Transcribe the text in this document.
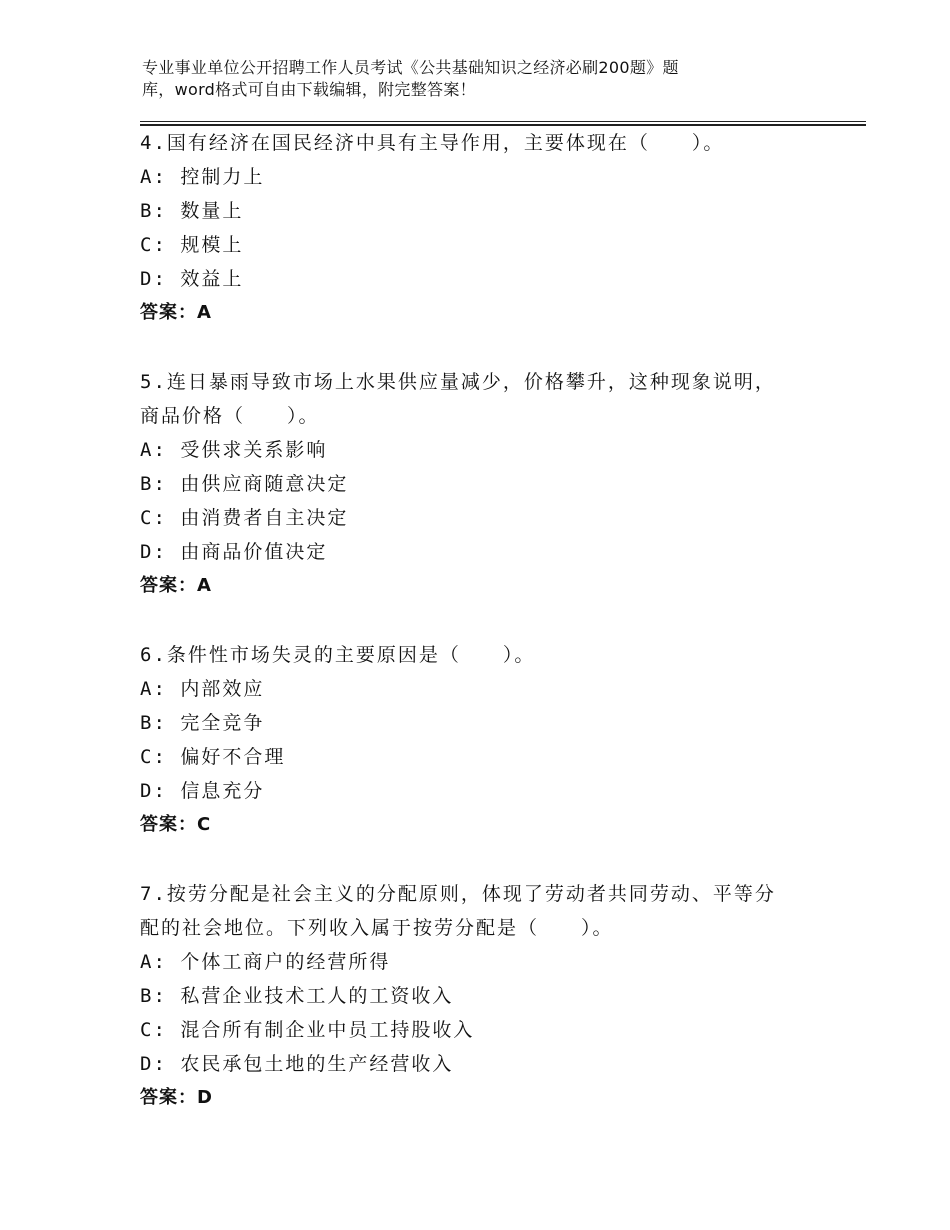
专业事业单位公开招聘工作人员考试《公共基础知识之经济必刷200题》题
库，word格式可自由下载编辑，附完整答案！

4.国有经济在国民经济中具有主导作用，主要体现在（　　）。

A: 控制力上

B: 数量上

C: 规模上

D: 效益上

答案：A

5.连日暴雨导致市场上水果供应量减少，价格攀升，这种现象说明，

商品价格（　　）。

A: 受供求关系影响

B: 由供应商随意决定

C: 由消费者自主决定

D: 由商品价值决定

答案：A

6.条件性市场失灵的主要原因是（　　）。

A: 内部效应

B: 完全竞争

C: 偏好不合理

D: 信息充分

答案：C

7.按劳分配是社会主义的分配原则，体现了劳动者共同劳动、平等分

配的社会地位。下列收入属于按劳分配是（　　）。

A: 个体工商户的经营所得

B: 私营企业技术工人的工资收入

C: 混合所有制企业中员工持股收入

D: 农民承包土地的生产经营收入

答案：D
